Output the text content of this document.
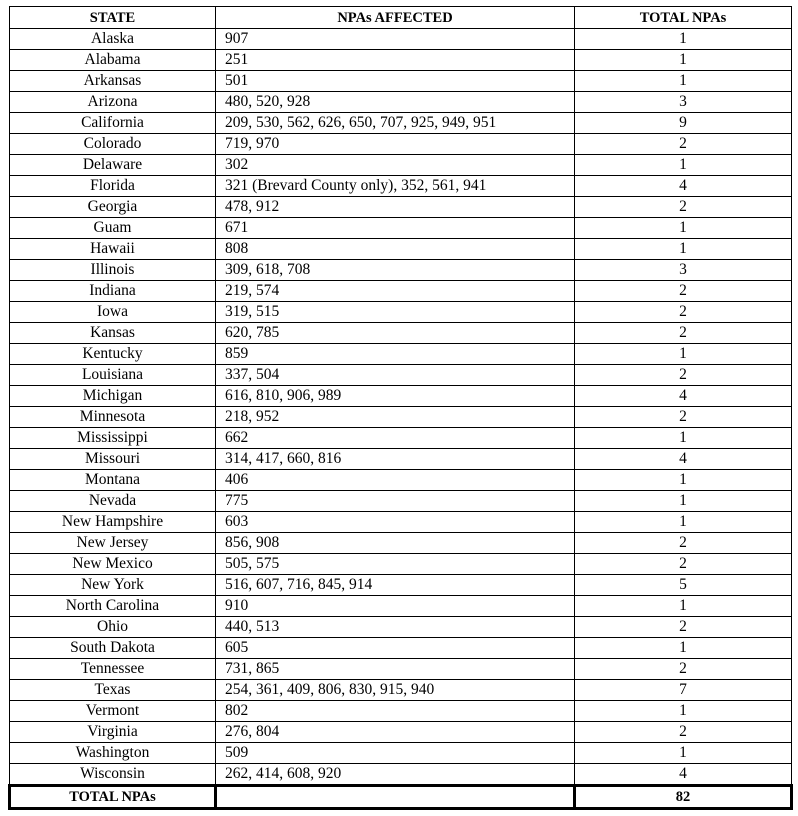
STATE	NPAs AFFECTED	TOTAL NPAs
Alaska	907	1
Alabama	251	1
Arkansas	501	1
Arizona	480, 520, 928	3
California	209, 530, 562, 626, 650, 707, 925, 949, 951	9
Colorado	719, 970	2
Delaware	302	1
Florida	321 (Brevard County only), 352, 561, 941	4
Georgia	478, 912	2
Guam	671	1
Hawaii	808	1
Illinois	309, 618, 708	3
Indiana	219, 574	2
Iowa	319, 515	2
Kansas	620, 785	2
Kentucky	859	1
Louisiana	337, 504	2
Michigan	616, 810, 906, 989	4
Minnesota	218, 952	2
Mississippi	662	1
Missouri	314, 417, 660, 816	4
Montana	406	1
Nevada	775	1
New Hampshire	603	1
New Jersey	856, 908	2
New Mexico	505, 575	2
New York	516, 607, 716, 845, 914	5
North Carolina	910	1
Ohio	440, 513	2
South Dakota	605	1
Tennessee	731, 865	2
Texas	254, 361, 409, 806, 830, 915, 940	7
Vermont	802	1
Virginia	276, 804	2
Washington	509	1
Wisconsin	262, 414, 608, 920	4
TOTAL NPAs		82
